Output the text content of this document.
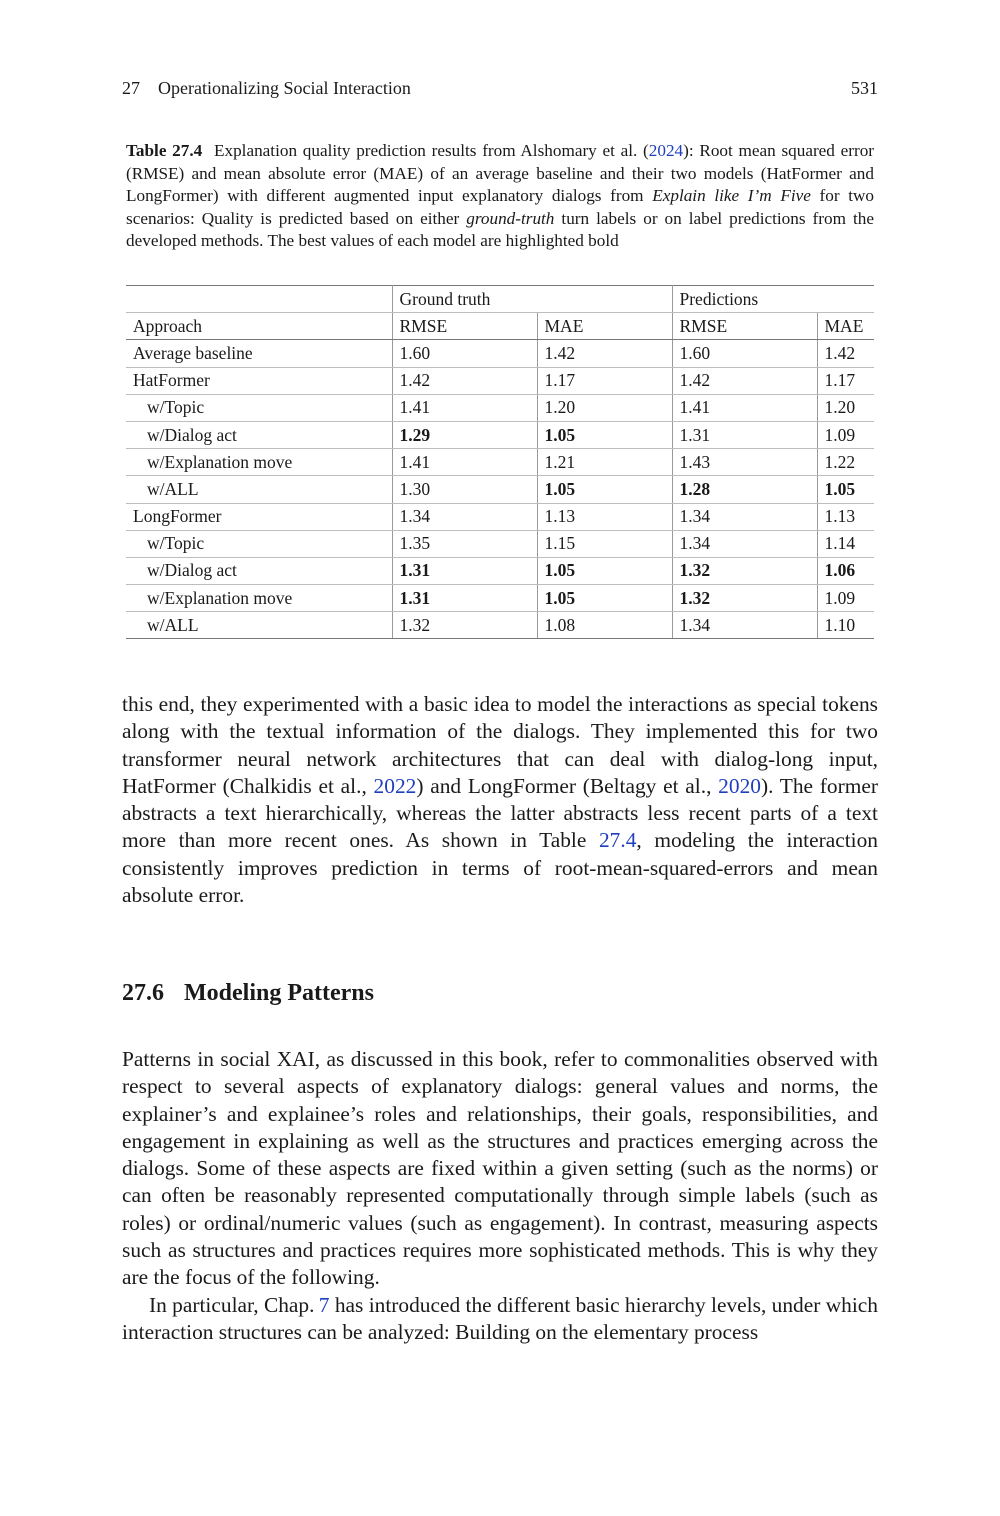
27 Operationalizing Social Interaction	531
Table 27.4 Explanation quality prediction results from Alshomary et al. (2024): Root mean squared error (RMSE) and mean absolute error (MAE) of an average baseline and their two models (HatFormer and LongFormer) with different augmented input explanatory dialogs from Explain like I’m Five for two scenarios: Quality is predicted based on either ground-truth turn labels or on label predictions from the developed methods. The best values of each model are highlighted bold
	Ground truth		Predictions	
Approach	RMSE	MAE	RMSE	MAE
Average baseline	1.60	1.42	1.60	1.42
HatFormer	1.42	1.17	1.42	1.17
w/Topic	1.41	1.20	1.41	1.20
w/Dialog act	1.29	1.05	1.31	1.09
w/Explanation move	1.41	1.21	1.43	1.22
w/ALL	1.30	1.05	1.28	1.05
LongFormer	1.34	1.13	1.34	1.13
w/Topic	1.35	1.15	1.34	1.14
w/Dialog act	1.31	1.05	1.32	1.06
w/Explanation move	1.31	1.05	1.32	1.09
w/ALL	1.32	1.08	1.34	1.10

this end, they experimented with a basic idea to model the interactions as special tokens along with the textual information of the dialogs. They implemented this for two transformer neural network architectures that can deal with dialog-long input, HatFormer (Chalkidis et al., 2022) and LongFormer (Beltagy et al., 2020). The former abstracts a text hierarchically, whereas the latter abstracts less recent parts of a text more than more recent ones. As shown in Table 27.4, modeling the interaction consistently improves prediction in terms of root-mean-squared-errors and mean absolute error.

27.6 Modeling Patterns

Patterns in social XAI, as discussed in this book, refer to commonalities observed with respect to several aspects of explanatory dialogs: general values and norms, the explainer’s and explainee’s roles and relationships, their goals, responsibilities, and engagement in explaining as well as the structures and practices emerging across the dialogs. Some of these aspects are fixed within a given setting (such as the norms) or can often be reasonably represented computationally through simple labels (such as roles) or ordinal/numeric values (such as engagement). In contrast, measuring aspects such as structures and practices requires more sophisticated methods. This is why they are the focus of the following.

In particular, Chap. 7 has introduced the different basic hierarchy levels, under which interaction structures can be analyzed: Building on the elementary process
